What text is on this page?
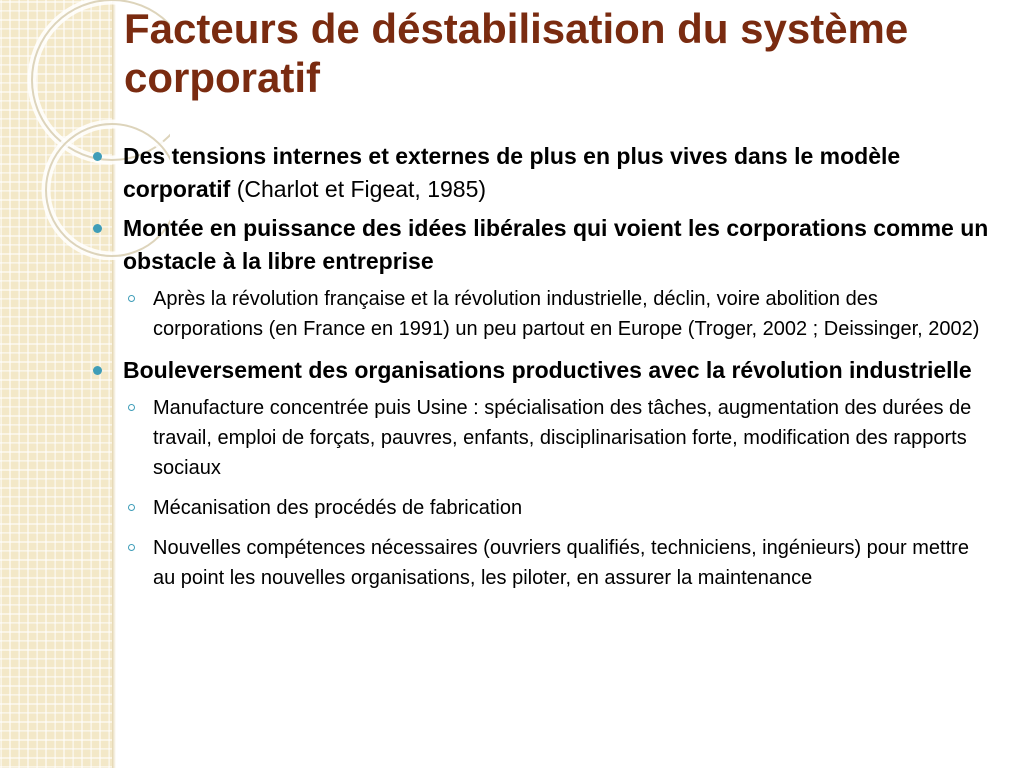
Facteurs de déstabilisation du système corporatif
Des tensions internes et externes de plus en plus vives dans le modèle corporatif (Charlot et Figeat, 1985)
Montée en puissance des idées libérales qui voient les corporations comme un obstacle à la libre entreprise
Après la révolution française et la révolution industrielle, déclin, voire abolition des corporations (en France en 1991) un peu partout en Europe (Troger, 2002 ; Deissinger, 2002)
Bouleversement des organisations productives avec la révolution industrielle
Manufacture concentrée puis Usine : spécialisation des tâches, augmentation des durées de travail, emploi de forçats, pauvres, enfants, disciplinarisation forte, modification des rapports sociaux
Mécanisation des procédés de fabrication
Nouvelles compétences nécessaires (ouvriers qualifiés, techniciens, ingénieurs) pour mettre au point les nouvelles organisations, les piloter, en assurer la maintenance
